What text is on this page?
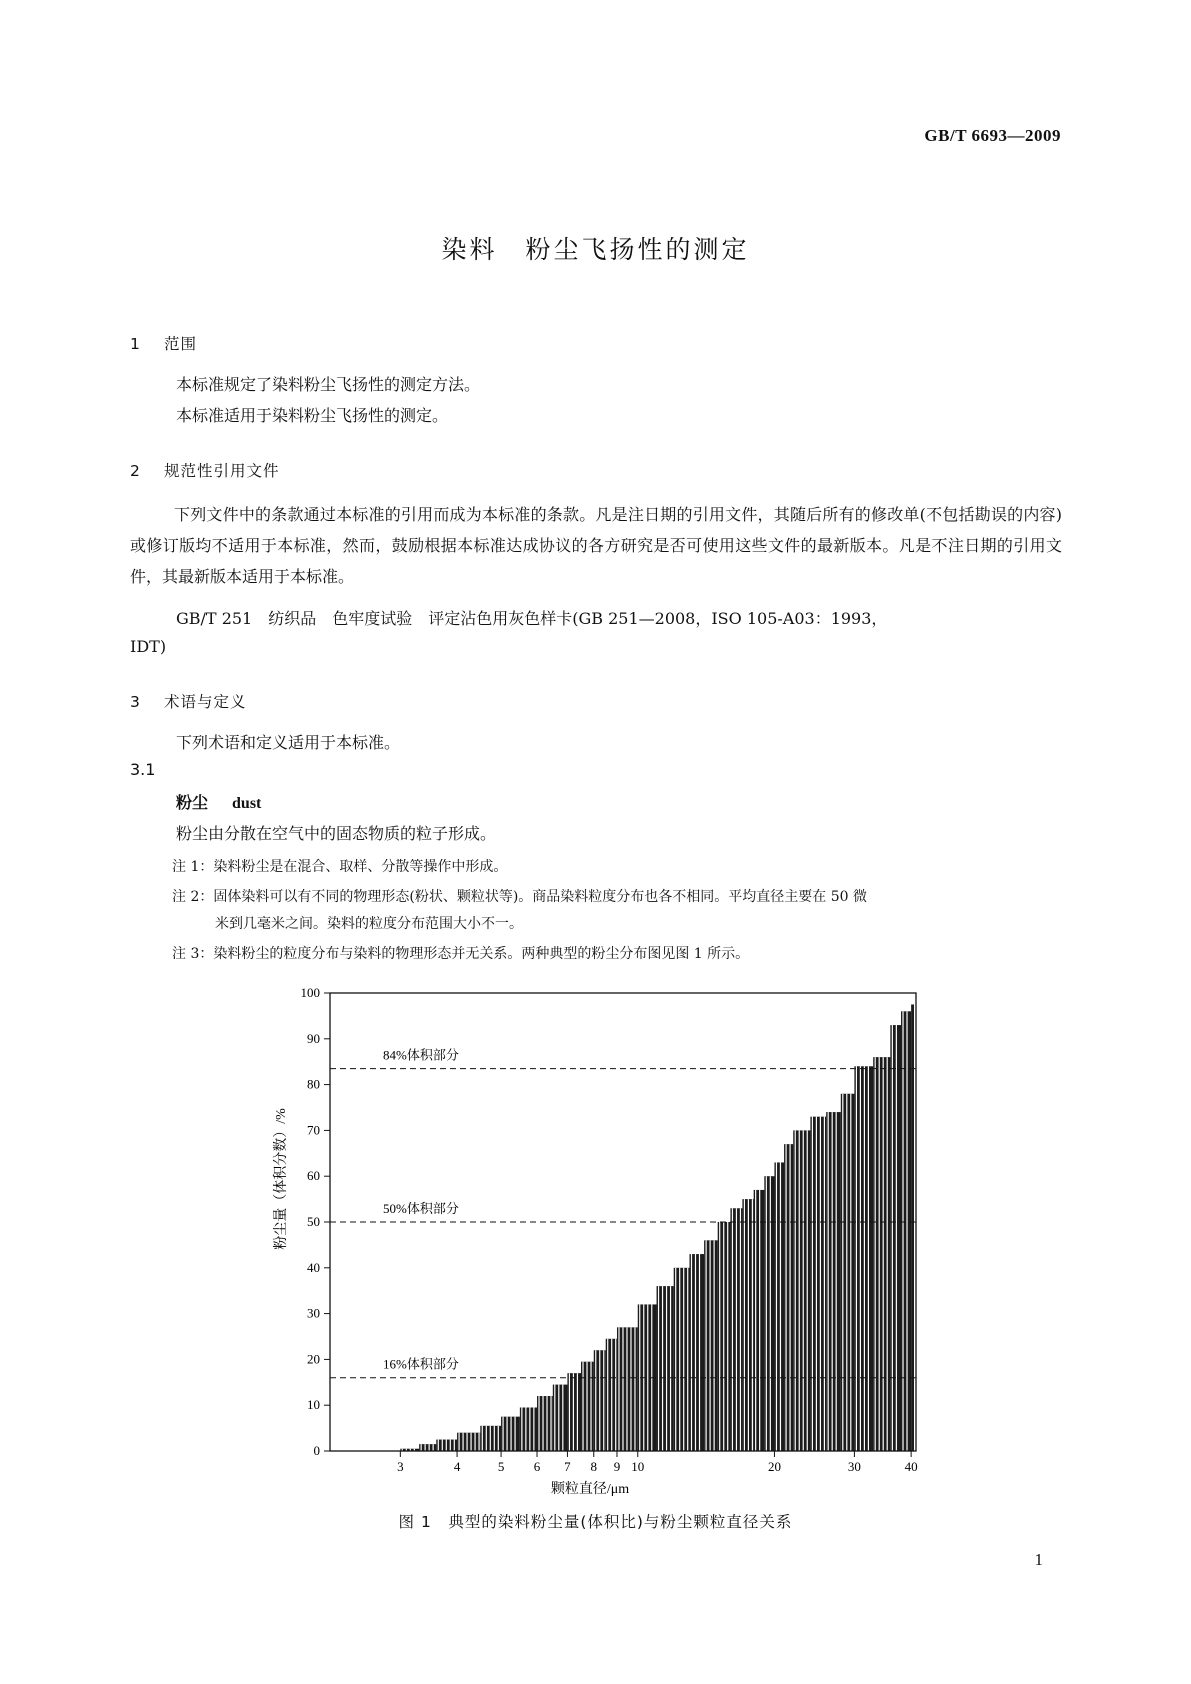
GB/T 6693—2009
染料　粉尘飞扬性的测定
1 范围
本标准规定了染料粉尘飞扬性的测定方法。
本标准适用于染料粉尘飞扬性的测定。
2 规范性引用文件
下列文件中的条款通过本标准的引用而成为本标准的条款。凡是注日期的引用文件，其随后所有的修改单(不包括勘误的内容)或修订版均不适用于本标准，然而，鼓励根据本标准达成协议的各方研究是否可使用这些文件的最新版本。凡是不注日期的引用文件，其最新版本适用于本标准。
GB/T 251　纺织品　色牢度试验　评定沾色用灰色样卡(GB 251—2008，ISO 105-A03：1993，
IDT)
3 术语与定义
下列术语和定义适用于本标准。
3.1
粉尘 dust
粉尘由分散在空气中的固态物质的粒子形成。
注 1：染料粉尘是在混合、取样、分散等操作中形成。
注 2：固体染料可以有不同的物理形态(粉状、颗粒状等)。商品染料粒度分布也各不相同。平均直径主要在 50 微
米到几毫米之间。染料的粒度分布范围大小不一。
注 3：染料粉尘的粒度分布与染料的物理形态并无关系。两种典型的粉尘分布图见图 1 所示。
0
10
20
30
40
50
60
70
80
90
100
3	4	5 6 7 8 9 10	20	30	40
84%体积部分
50%体积部分
16%体积部分
颗粒直径/μm
粉尘量（体积分数）/%
图 1　典型的染料粉尘量(体积比)与粉尘颗粒直径关系
1
